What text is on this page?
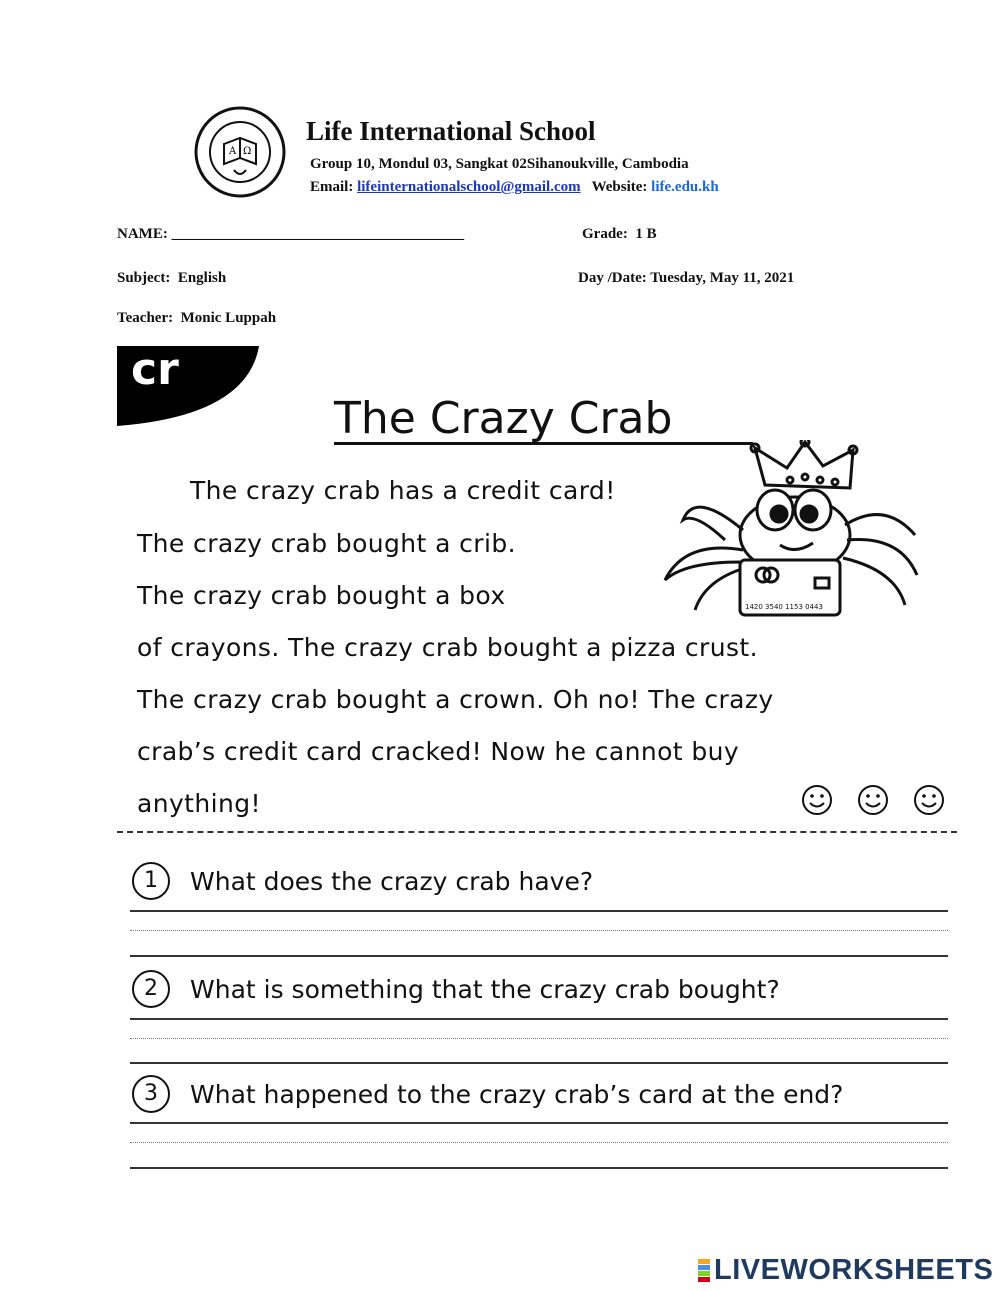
A Ω
Life International School
Group 10, Mondul 03, Sangkat 02Sihanoukville, Cambodia
Email: lifeinternationalschool@gmail.com Website: life.edu.kh
NAME: _______________________________________	Grade: 1 B
Subject: English	Day /Date: Tuesday, May 11, 2021
Teacher: Monic Luppah
cr
The Crazy Crab
1420 3540 1153 0443
The crazy crab has a credit card!
The crazy crab bought a crib.
The crazy crab bought a box
of crayons. The crazy crab bought a pizza crust.
The crazy crab bought a crown. Oh no! The crazy
crab’s credit card cracked! Now he cannot buy
anything!
1	What does the crazy crab have?
2	What is something that the crazy crab bought?
3	What happened to the crazy crab’s card at the end?
LIVEWORKSHEETS
